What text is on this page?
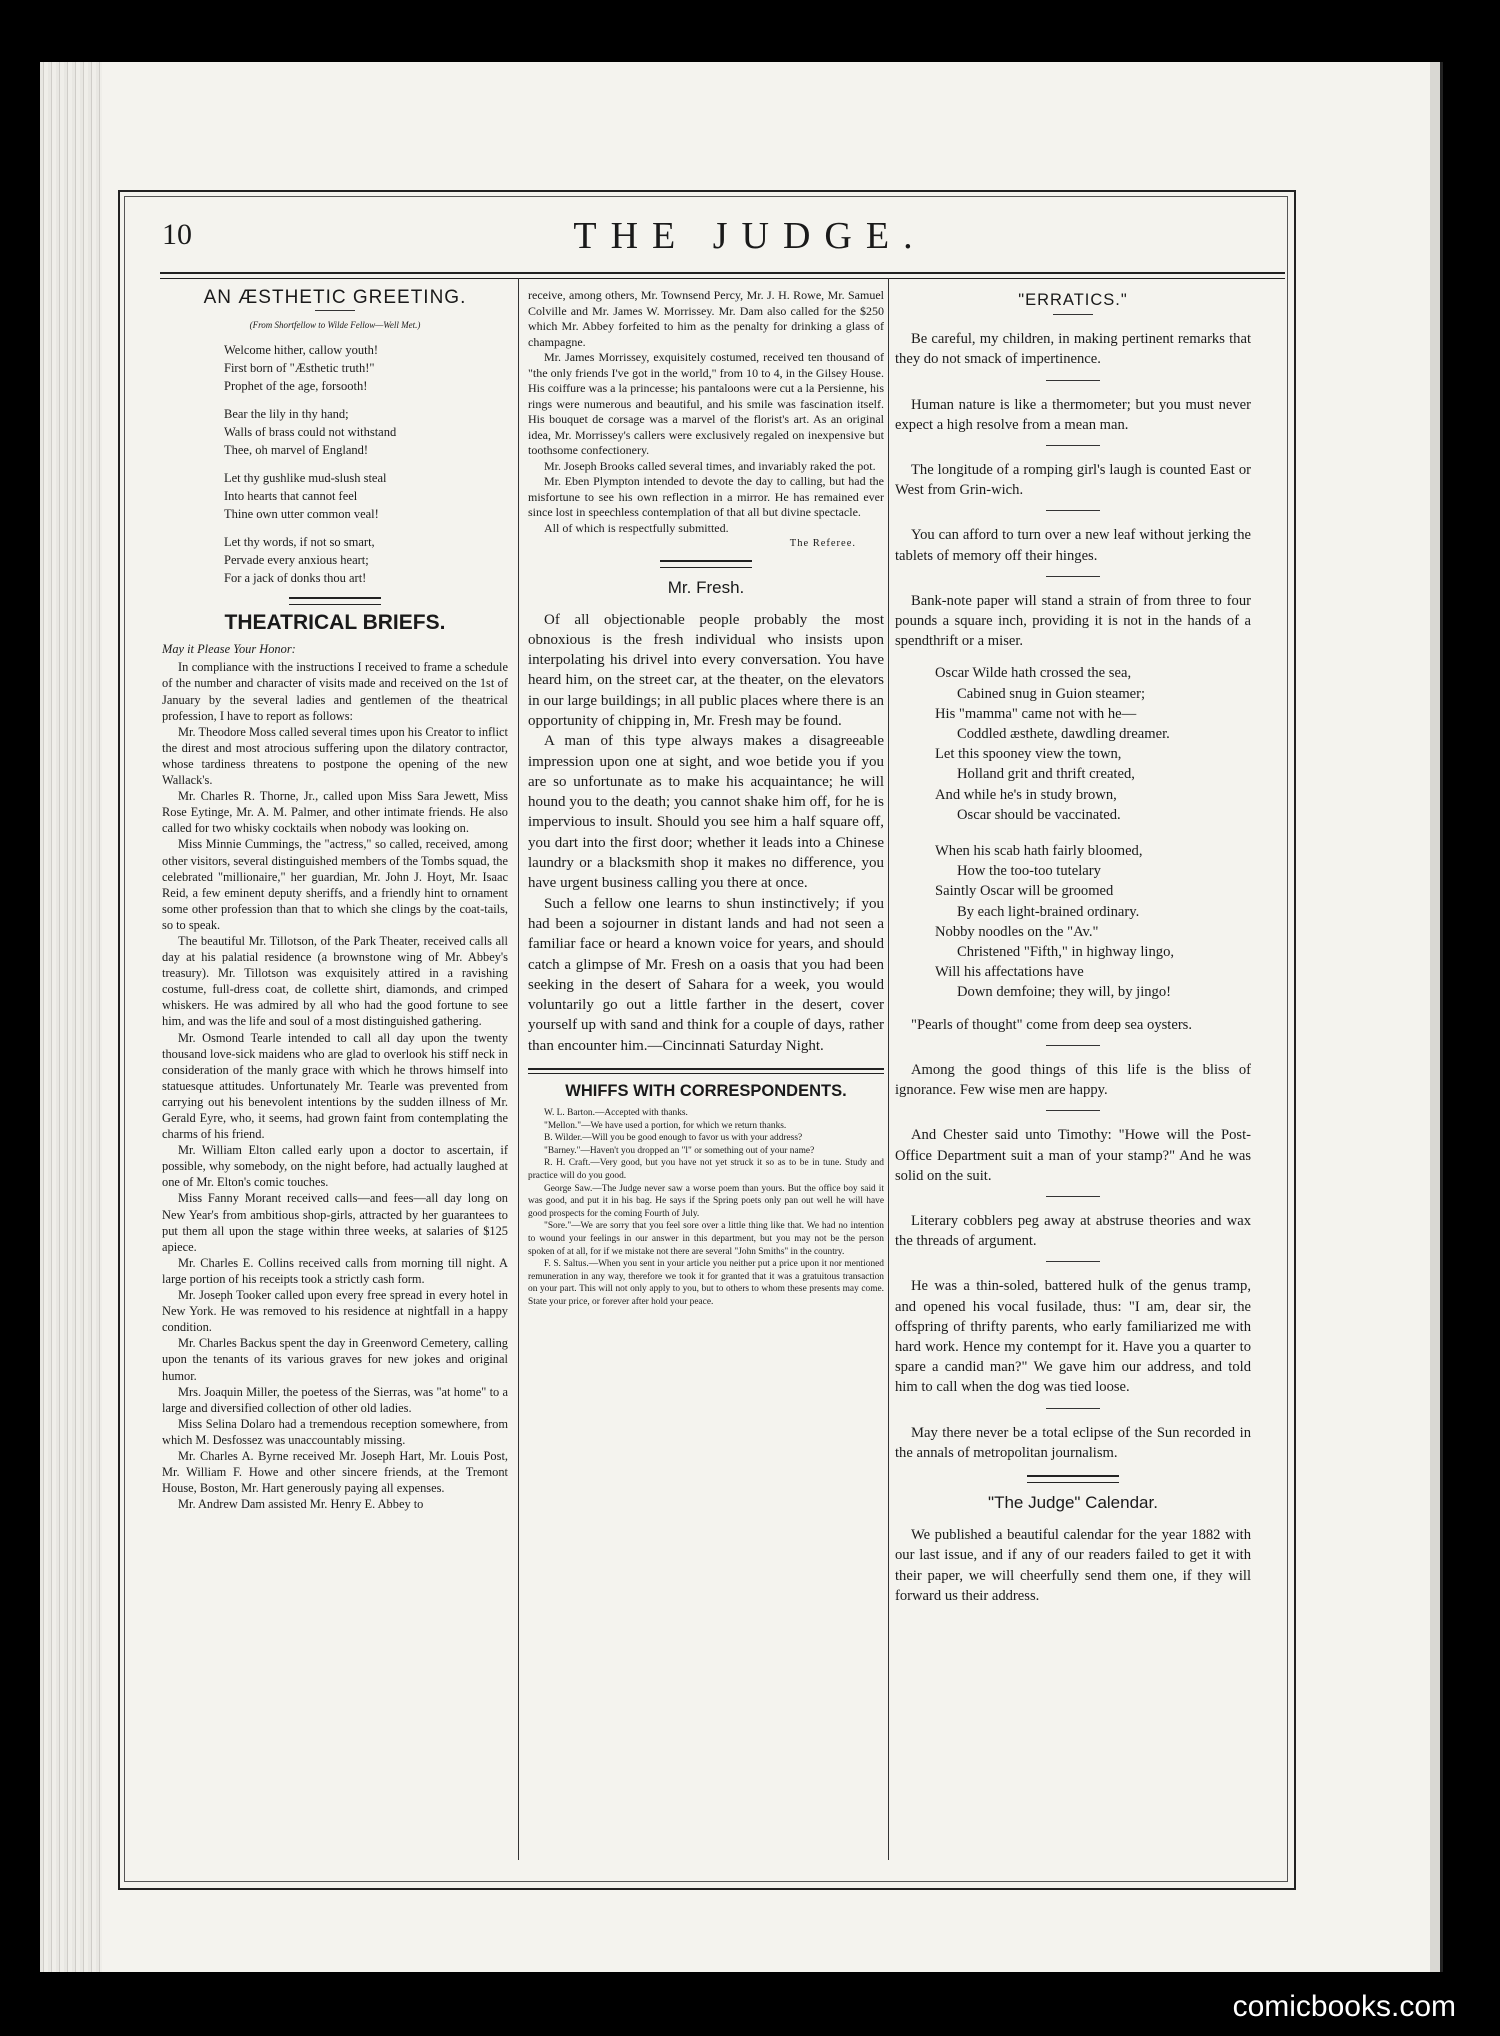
10	THE JUDGE.
AN ÆSTHETIC GREETING.
(From Shortfellow to Wilde Fellow—Well Met.)
Welcome hither, callow youth!
First born of "Æsthetic truth!"
Prophet of the age, forsooth!
Bear the lily in thy hand;
Walls of brass could not withstand
Thee, oh marvel of England!
Let thy gushlike mud-slush steal
Into hearts that cannot feel
Thine own utter common veal!
Let thy words, if not so smart,
Pervade every anxious heart;
For a jack of donks thou art!
THEATRICAL BRIEFS.
May it Please Your Honor:

In compliance with the instructions I received to frame a schedule of the number and character of visits made and received on the 1st of January by the several ladies and gentlemen of the theatrical profession, I have to report as follows:

Mr. Theodore Moss called several times upon his Creator to inflict the direst and most atrocious suffering upon the dilatory contractor, whose tardiness threatens to postpone the opening of the new Wallack's.

Mr. Charles R. Thorne, Jr., called upon Miss Sara Jewett, Miss Rose Eytinge, Mr. A. M. Palmer, and other intimate friends. He also called for two whisky cocktails when nobody was looking on.

Miss Minnie Cummings, the "actress," so called, received, among other visitors, several distinguished members of the Tombs squad, the celebrated "millionaire," her guardian, Mr. John J. Hoyt, Mr. Isaac Reid, a few eminent deputy sheriffs, and a friendly hint to ornament some other profession than that to which she clings by the coat-tails, so to speak.

The beautiful Mr. Tillotson, of the Park Theater, received calls all day at his palatial residence (a brownstone wing of Mr. Abbey's treasury). Mr. Tillotson was exquisitely attired in a ravishing costume, full-dress coat, de collette shirt, diamonds, and crimped whiskers. He was admired by all who had the good fortune to see him, and was the life and soul of a most distinguished gathering.

Mr. Osmond Tearle intended to call all day upon the twenty thousand love-sick maidens who are glad to overlook his stiff neck in consideration of the manly grace with which he throws himself into statuesque attitudes. Unfortunately Mr. Tearle was prevented from carrying out his benevolent intentions by the sudden illness of Mr. Gerald Eyre, who, it seems, had grown faint from contemplating the charms of his friend.

Mr. William Elton called early upon a doctor to ascertain, if possible, why somebody, on the night before, had actually laughed at one of Mr. Elton's comic touches.

Miss Fanny Morant received calls—and fees—all day long on New Year's from ambitious shop-girls, attracted by her guarantees to put them all upon the stage within three weeks, at salaries of $125 apiece.

Mr. Charles E. Collins received calls from morning till night. A large portion of his receipts took a strictly cash form.

Mr. Joseph Tooker called upon every free spread in every hotel in New York. He was removed to his residence at nightfall in a happy condition.

Mr. Charles Backus spent the day in Greenword Cemetery, calling upon the tenants of its various graves for new jokes and original humor.

Mrs. Joaquin Miller, the poetess of the Sierras, was "at home" to a large and diversified collection of other old ladies.

Miss Selina Dolaro had a tremendous reception somewhere, from which M. Desfossez was unaccountably missing.

Mr. Charles A. Byrne received Mr. Joseph Hart, Mr. Louis Post, Mr. William F. Howe and other sincere friends, at the Tremont House, Boston, Mr. Hart generously paying all expenses.

Mr. Andrew Dam assisted Mr. Henry E. Abbey to

receive, among others, Mr. Townsend Percy, Mr. J. H. Rowe, Mr. Samuel Colville and Mr. James W. Morrissey. Mr. Dam also called for the $250 which Mr. Abbey forfeited to him as the penalty for drinking a glass of champagne.

Mr. James Morrissey, exquisitely costumed, received ten thousand of "the only friends I've got in the world," from 10 to 4, in the Gilsey House. His coiffure was a la princesse; his pantaloons were cut a la Persienne, his rings were numerous and beautiful, and his smile was fascination itself. His bouquet de corsage was a marvel of the florist's art. As an original idea, Mr. Morrissey's callers were exclusively regaled on inexpensive but toothsome confectionery.

Mr. Joseph Brooks called several times, and invariably raked the pot.

Mr. Eben Plympton intended to devote the day to calling, but had the misfortune to see his own reflection in a mirror. He has remained ever since lost in speechless contemplation of that all but divine spectacle.

All of which is respectfully submitted.

The Referee.
Mr. Fresh.

Of all objectionable people probably the most obnoxious is the fresh individual who insists upon interpolating his drivel into every conversation. You have heard him, on the street car, at the theater, on the elevators in our large buildings; in all public places where there is an opportunity of chipping in, Mr. Fresh may be found.

A man of this type always makes a disagreeable impression upon one at sight, and woe betide you if you are so unfortunate as to make his acquaintance; he will hound you to the death; you cannot shake him off, for he is impervious to insult. Should you see him a half square off, you dart into the first door; whether it leads into a Chinese laundry or a blacksmith shop it makes no difference, you have urgent business calling you there at once.

Such a fellow one learns to shun instinctively; if you had been a sojourner in distant lands and had not seen a familiar face or heard a known voice for years, and should catch a glimpse of Mr. Fresh on a oasis that you had been seeking in the desert of Sahara for a week, you would voluntarily go out a little farther in the desert, cover yourself up with sand and think for a couple of days, rather than encounter him.—Cincinnati Saturday Night.

WHIFFS WITH CORRESPONDENTS.

W. L. Barton.—Accepted with thanks.

"Mellon."—We have used a portion, for which we return thanks.

B. Wilder.—Will you be good enough to favor us with your address?

"Barney."—Haven't you dropped an "l" or something out of your name?

R. H. Craft.—Very good, but you have not yet struck it so as to be in tune. Study and practice will do you good.

George Saw.—The Judge never saw a worse poem than yours. But the office boy said it was good, and put it in his bag. He says if the Spring poets only pan out well he will have good prospects for the coming Fourth of July.

"Sore."—We are sorry that you feel sore over a little thing like that. We had no intention to wound your feelings in our answer in this department, but you may not be the person spoken of at all, for if we mistake not there are several "John Smiths" in the country.

F. S. Saltus.—When you sent in your article you neither put a price upon it nor mentioned remuneration in any way, therefore we took it for granted that it was a gratuitous transaction on your part. This will not only apply to you, but to others to whom these presents may come. State your price, or forever after hold your peace.

"ERRATICS."

Be careful, my children, in making pertinent remarks that they do not smack of impertinence.

Human nature is like a thermometer; but you must never expect a high resolve from a mean man.

The longitude of a romping girl's laugh is counted East or West from Grin-wich.

You can afford to turn over a new leaf without jerking the tablets of memory off their hinges.

Bank-note paper will stand a strain of from three to four pounds a square inch, providing it is not in the hands of a spendthrift or a miser.

Oscar Wilde hath crossed the sea,
Cabined snug in Guion steamer;
His "mamma" came not with he—
Coddled æsthete, dawdling dreamer.
Let this spooney view the town,
Holland grit and thrift created,
And while he's in study brown,
Oscar should be vaccinated.
When his scab hath fairly bloomed,
How the too-too tutelary
Saintly Oscar will be groomed
By each light-brained ordinary.
Nobby noodles on the "Av."
Christened "Fifth," in highway lingo,
Will his affectations have
Down demfoine; they will, by jingo!

"Pearls of thought" come from deep sea oysters.

Among the good things of this life is the bliss of ignorance. Few wise men are happy.

And Chester said unto Timothy: "Howe will the Post-Office Department suit a man of your stamp?" And he was solid on the suit.

Literary cobblers peg away at abstruse theories and wax the threads of argument.

He was a thin-soled, battered hulk of the genus tramp, and opened his vocal fusilade, thus: "I am, dear sir, the offspring of thrifty parents, who early familiarized me with hard work. Hence my contempt for it. Have you a quarter to spare a candid man?" We gave him our address, and told him to call when the dog was tied loose.

May there never be a total eclipse of the Sun recorded in the annals of metropolitan journalism.

"The Judge" Calendar.

We published a beautiful calendar for the year 1882 with our last issue, and if any of our readers failed to get it with their paper, we will cheerfully send them one, if they will forward us their address.

comicbooks.com
